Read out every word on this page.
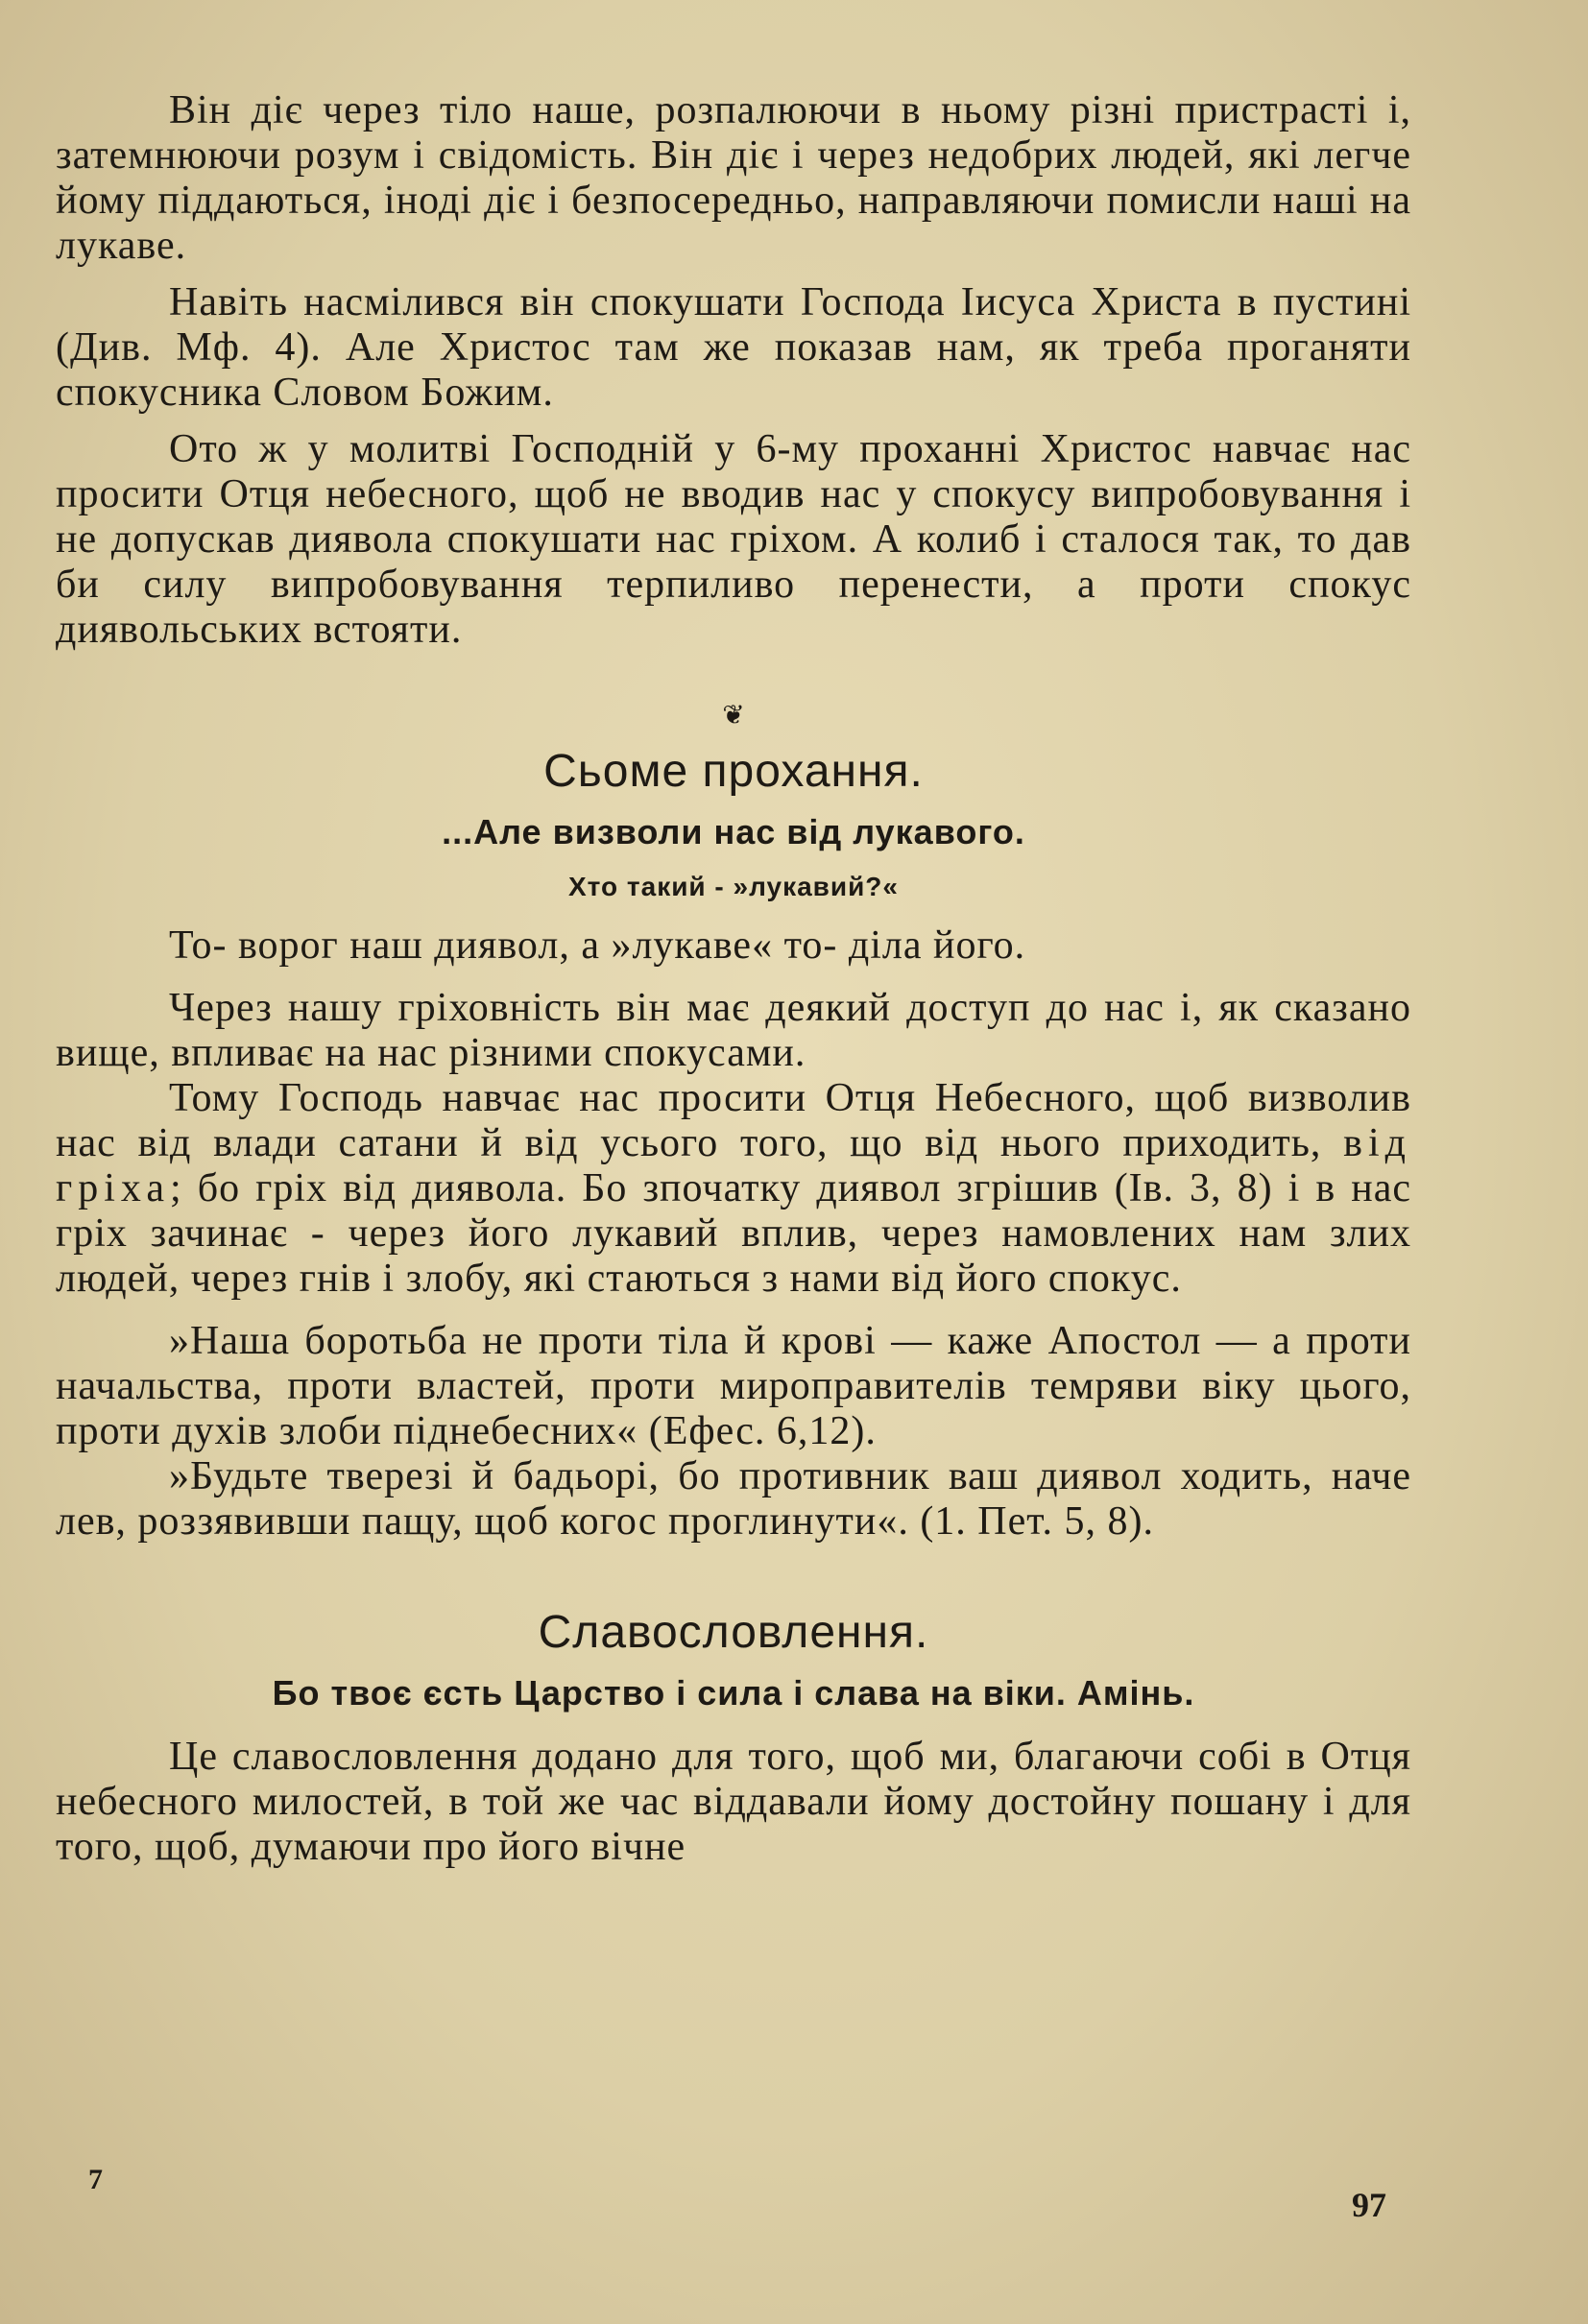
Він діє через тіло наше, розпалюючи в ньому різні пристрасті і, затемнюючи розум і свідомість. Він діє і через недобрих людей, які легче йому піддаються, іноді діє і безпосередньо, направляючи помисли наші на лукаве.

Навіть насмілився він спокушати Господа Іисуса Христа в пустині (Див. Мф. 4). Але Христос там же показав нам, як треба проганяти спокусника Словом Божим.

Ото ж у молитві Господній у 6-му проханні Христос навчає нас просити Отця небесного, щоб не вводив нас у спокусу випробовування і не допускав диявола спокушати нас гріхом. А колиб і сталося так, то дав би силу випробовування терпиливо перенести, а проти спокус диявольських встояти.

❦
Сьоме прохання.
...Але визволи нас від лукавого.
Хто такий - »лукавий?«

То- ворог наш диявол, а »лукаве« то- діла його.

Через нашу гріховність він має деякий доступ до нас і, як сказано вище, впливає на нас різними спокусами.

Тому Господь навчає нас просити Отця Небесного, щоб визволив нас від влади сатани й від усього того, що від нього приходить, від гріха; бо гріх від диявола. Бо зпочатку диявол згрішив (Ів. 3, 8) і в нас гріх зачинає - через його лукавий вплив, через намовлених нам злих людей, через гнів і злобу, які стаються з нами від його спокус.

»Наша боротьба не проти тіла й крові — каже Апостол — а проти начальства, проти властей, проти мироправителів темряви віку цього, проти духів злоби піднебесних« (Ефес. 6,12).

»Будьте тверезі й бадьорі, бо противник ваш диявол ходить, наче лев, роззявивши пащу, щоб когос проглинути«. (1. Пет. 5, 8).

Славословлення.
Бо твоє єсть Царство і сила і слава на віки. Амінь.

Це славословлення додано для того, щоб ми, благаючи собі в Отця небесного милостей, в той же час віддавали йому достойну пошану і для того, щоб, думаючи про його вічне

7
97
